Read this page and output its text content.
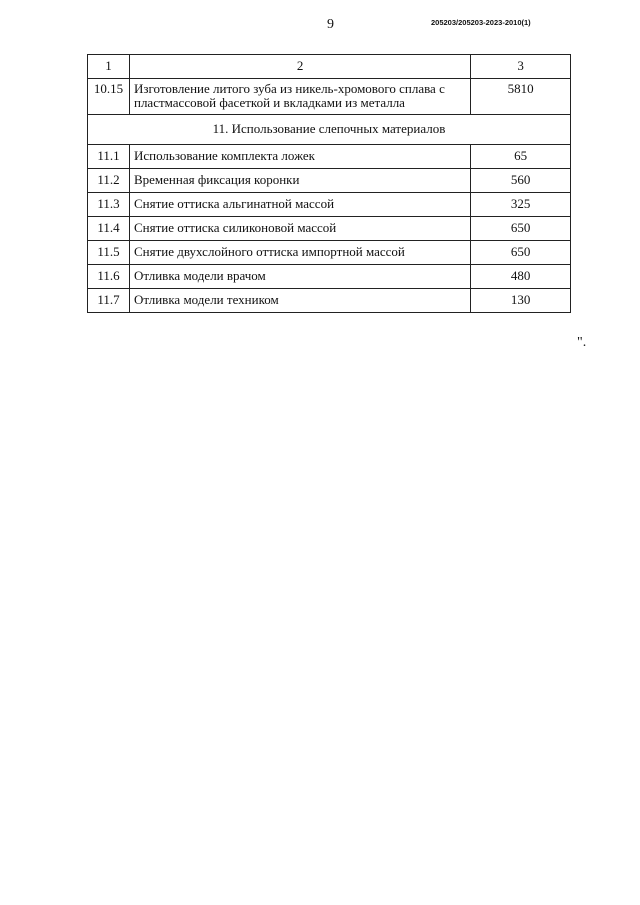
9	205203/205203-2023-2010(1)
1	2	3
10.15	Изготовление литого зуба из никель-хромового сплава с пластмассовой фасеткой и вкладками из металла	5810
11. Использование слепочных материалов		
11.1	Использование комплекта ложек	65
11.2	Временная фиксация коронки	560
11.3	Снятие оттиска альгинатной массой	325
11.4	Снятие оттиска силиконовой массой	650
11.5	Снятие двухслойного оттиска импортной массой	650
11.6	Отливка модели врачом	480
11.7	Отливка модели техником	130
".
